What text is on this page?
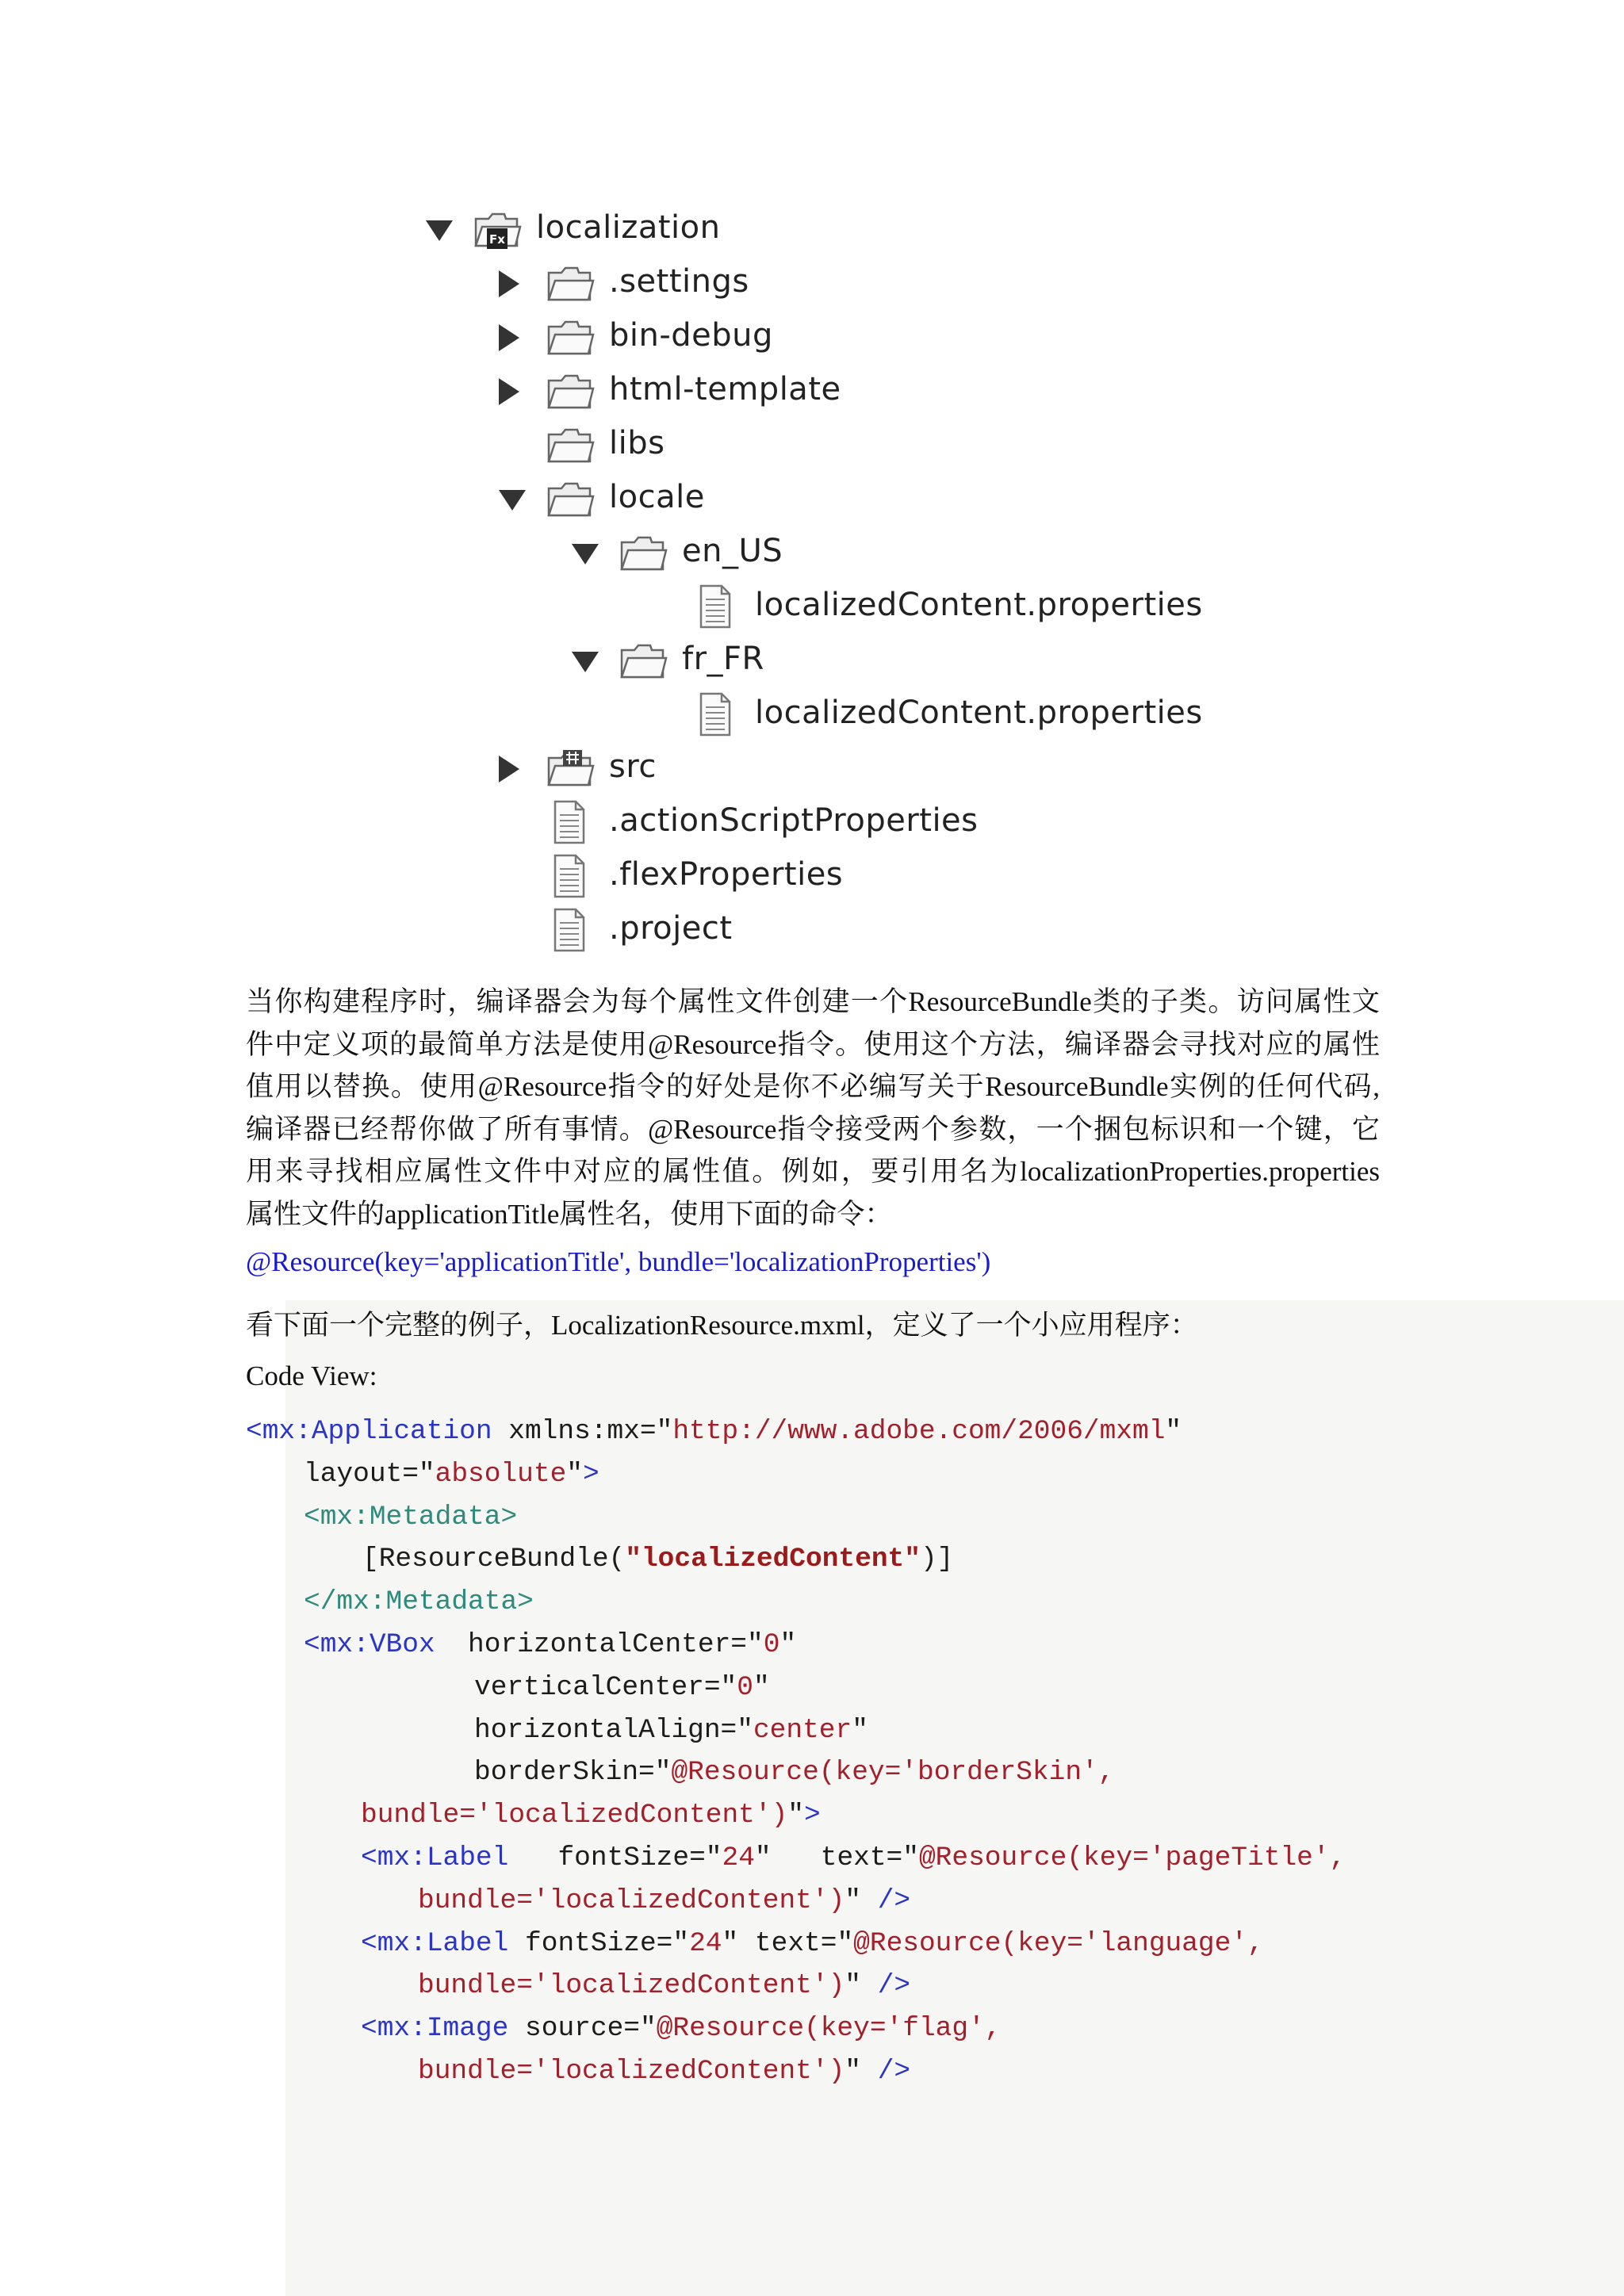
Fx localization
.settings
bin-debug
html-template
libs
locale
en_US
localizedContent.properties
fr_FR
localizedContent.properties
src
.actionScriptProperties
.flexProperties
.project
当你构建程序时，编译器会为每个属性文件创建一个ResourceBundle类的子类。访问属性文
件中定义项的最简单方法是使用@Resource指令。使用这个方法，编译器会寻找对应的属性
值用以替换。使用@Resource指令的好处是你不必编写关于ResourceBundle实例的任何代码,
编译器已经帮你做了所有事情。@Resource指令接受两个参数，一个捆包标识和一个键，它
用来寻找相应属性文件中对应的属性值。例如，要引用名为localizationProperties.properties
属性文件的applicationTitle属性名，使用下面的命令：
@Resource(key='applicationTitle', bundle='localizationProperties')
看下面一个完整的例子，LocalizationResource.mxml，定义了一个小应用程序：
Code View:
<mx:Application xmlns:mx="http://www.adobe.com/2006/mxml"
layout="absolute">
<mx:Metadata>
[ResourceBundle("localizedContent")]
</mx:Metadata>
<mx:VBox  horizontalCenter="0"
verticalCenter="0"
horizontalAlign="center"
borderSkin="@Resource(key='borderSkin',
bundle='localizedContent')">
<mx:Label   fontSize="24"   text="@Resource(key='pageTitle',
bundle='localizedContent')" />
<mx:Label fontSize="24" text="@Resource(key='language',
bundle='localizedContent')" />
<mx:Image source="@Resource(key='flag',
bundle='localizedContent')" />
